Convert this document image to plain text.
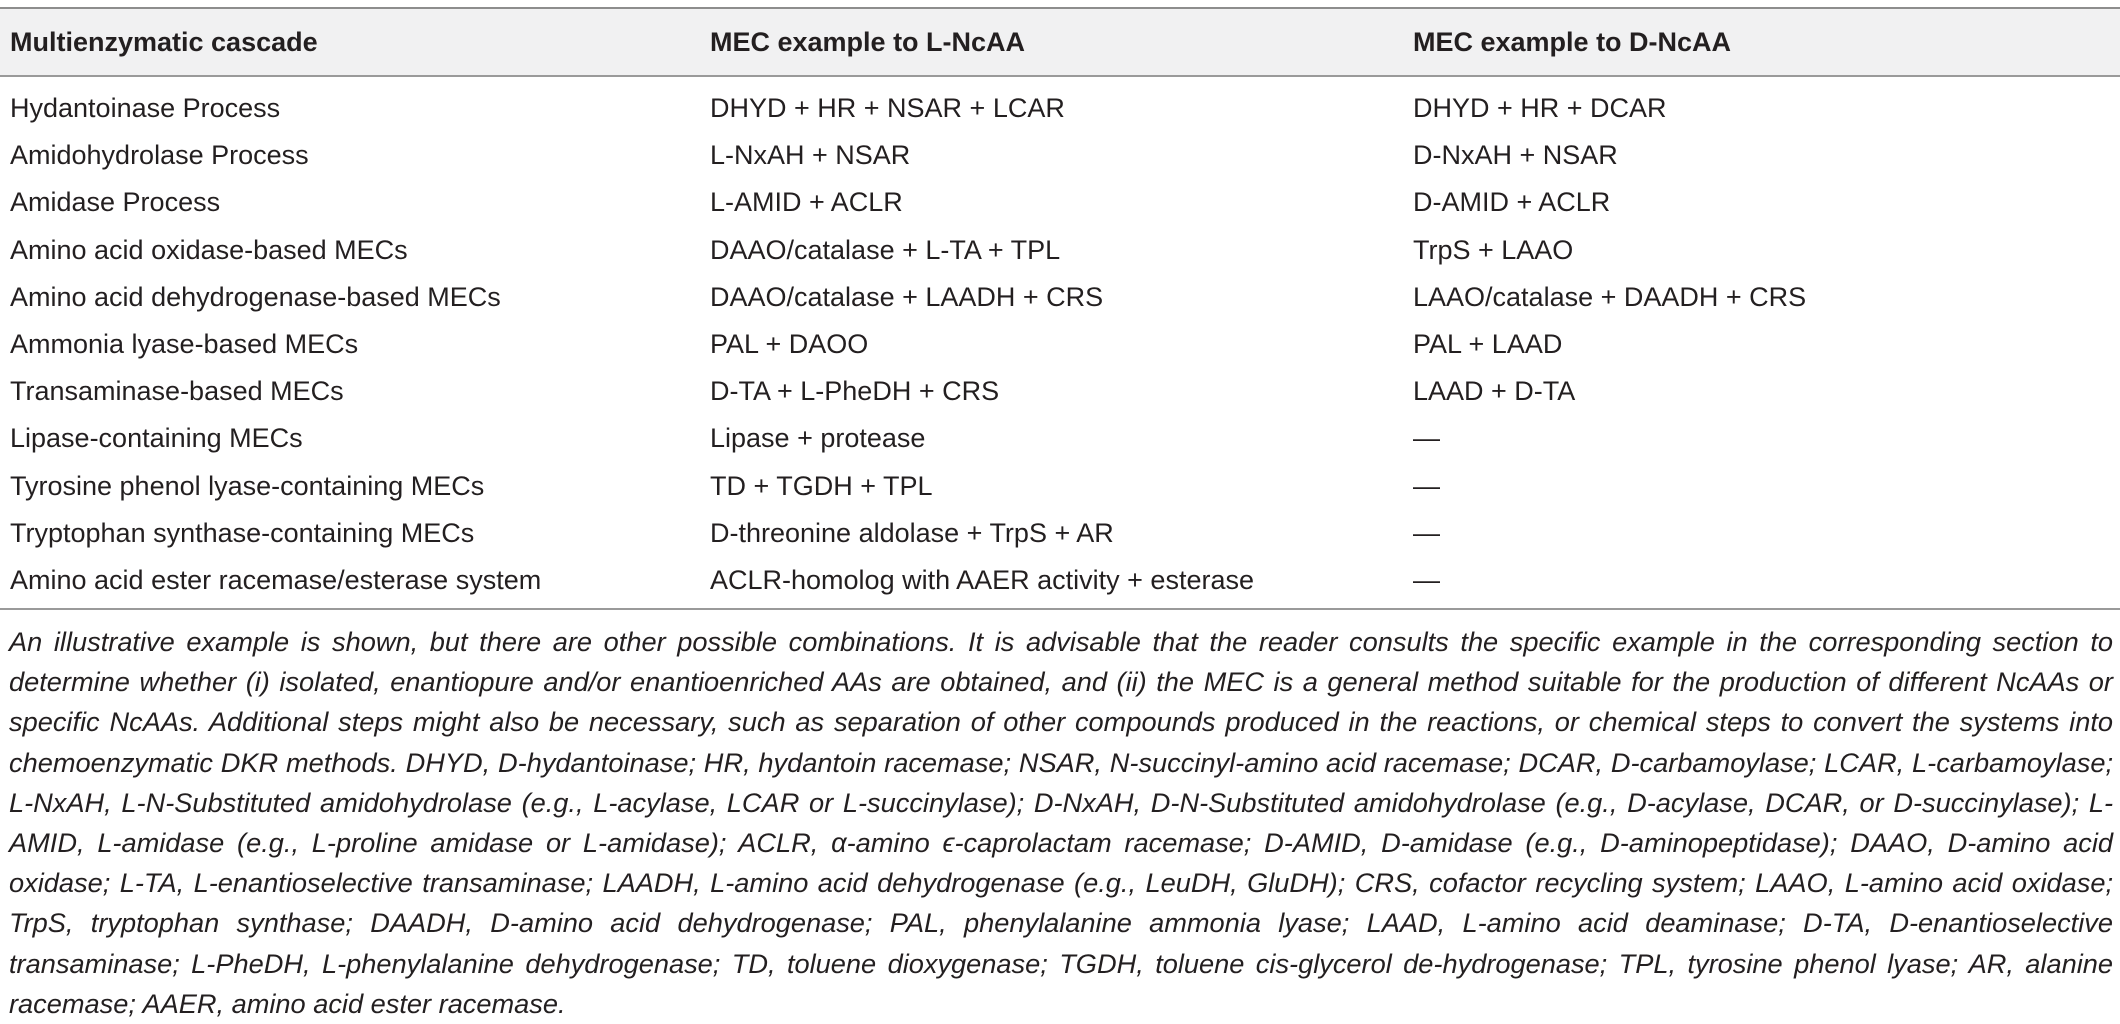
Multienzymatic cascade	MEC example to L-NcAA	MEC example to D-NcAA
Hydantoinase Process	DHYD + HR + NSAR + LCAR	DHYD + HR + DCAR
Amidohydrolase Process	L-NxAH + NSAR	D-NxAH + NSAR
Amidase Process	L-AMID + ACLR	D-AMID + ACLR
Amino acid oxidase-based MECs	DAAO/catalase + L-TA + TPL	TrpS + LAAO
Amino acid dehydrogenase-based MECs	DAAO/catalase + LAADH + CRS	LAAO/catalase + DAADH + CRS
Ammonia lyase-based MECs	PAL + DAOO	PAL + LAAD
Transaminase-based MECs	D-TA + L-PheDH + CRS	LAAD + D-TA
Lipase-containing MECs	Lipase + protease	—
Tyrosine phenol lyase-containing MECs	TD + TGDH + TPL	—
Tryptophan synthase-containing MECs	D-threonine aldolase + TrpS + AR	—
Amino acid ester racemase/esterase system	ACLR-homolog with AAER activity + esterase	—
An illustrative example is shown, but there are other possible combinations. It is advisable that the reader consults the specific example in the corresponding section to determine whether (i) isolated, enantiopure and/or enantioenriched AAs are obtained, and (ii) the MEC is a general method suitable for the production of different NcAAs or specific NcAAs. Additional steps might also be necessary, such as separation of other compounds produced in the reactions, or chemical steps to convert the systems into chemoenzymatic DKR methods. DHYD, D-hydantoinase; HR, hydantoin racemase; NSAR, N-succinyl-amino acid racemase; DCAR, D-carbamoylase; LCAR, L-carbamoylase; L-NxAH, L-N-Substituted amidohydrolase (e.g., L-acylase, LCAR or L-succinylase); D-NxAH, D-N-Substituted amidohydrolase (e.g., D-acylase, DCAR, or D-succinylase); L-AMID, L-amidase (e.g., L-proline amidase or L-amidase); ACLR, α-amino ϵ-caprolactam racemase; D-AMID, D-amidase (e.g., D-aminopeptidase); DAAO, D-amino acid oxidase; L-TA, L-enantioselective transaminase; LAADH, L-amino acid dehydrogenase (e.g., LeuDH, GluDH); CRS, cofactor recycling system; LAAO, L-amino acid oxidase; TrpS, tryptophan synthase; DAADH, D-amino acid dehydrogenase; PAL, phenylalanine ammonia lyase; LAAD, L-amino acid deaminase; D-TA, D-enantioselective transaminase; L-PheDH, L-phenylalanine dehydrogenase; TD, toluene dioxygenase; TGDH, toluene cis-glycerol de-hydrogenase; TPL, tyrosine phenol lyase; AR, alanine racemase; AAER, amino acid ester racemase.
